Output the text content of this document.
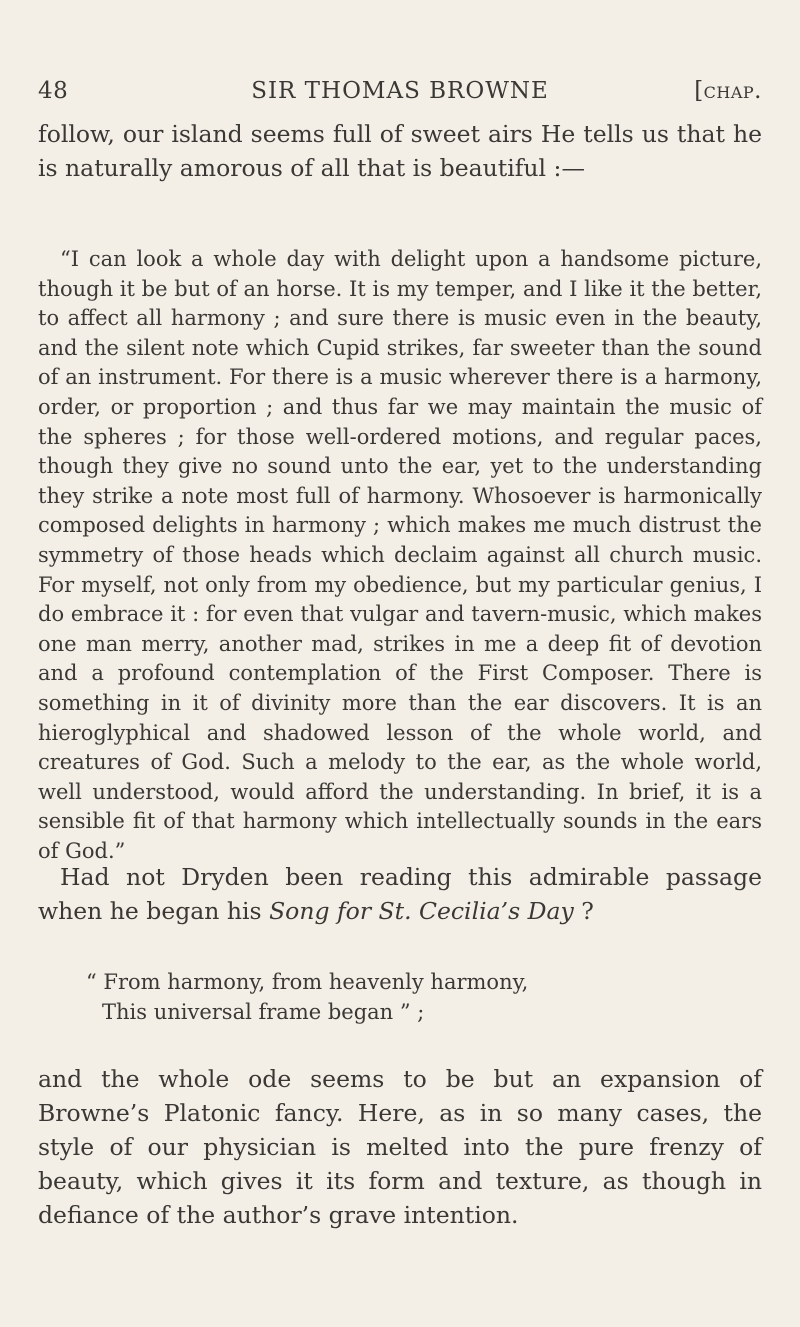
48	SIR THOMAS BROWNE	[chap.

follow, our island seems full of sweet airs He tells us that he is naturally amorous of all that is beautiful :—

“I can look a whole day with delight upon a handsome picture, though it be but of an horse. It is my temper, and I like it the better, to affect all harmony ; and sure there is music even in the beauty, and the silent note which Cupid strikes, far sweeter than the sound of an instrument. For there is a music wherever there is a harmony, order, or proportion ; and thus far we may maintain the music of the spheres ; for those well-ordered motions, and regular paces, though they give no sound unto the ear, yet to the understanding they strike a note most full of harmony. Whosoever is harmonically composed delights in harmony ; which makes me much distrust the symmetry of those heads which declaim against all church music. For myself, not only from my obedience, but my particular genius, I do embrace it : for even that vulgar and tavern-music, which makes one man merry, another mad, strikes in me a deep fit of devotion and a profound contemplation of the First Composer. There is something in it of divinity more than the ear discovers. It is an hieroglyphical and shadowed lesson of the whole world, and creatures of God. Such a melody to the ear, as the whole world, well understood, would afford the understanding. In brief, it is a sensible fit of that harmony which intellectually sounds in the ears of God.”

Had not Dryden been reading this admirable passage when he began his Song for St. Cecilia’s Day ?

“ From harmony, from heavenly harmony,
This universal frame began ” ;

and the whole ode seems to be but an expansion of Browne’s Platonic fancy. Here, as in so many cases, the style of our physician is melted into the pure frenzy of beauty, which gives it its form and texture, as though in defiance of the author’s grave intention.
